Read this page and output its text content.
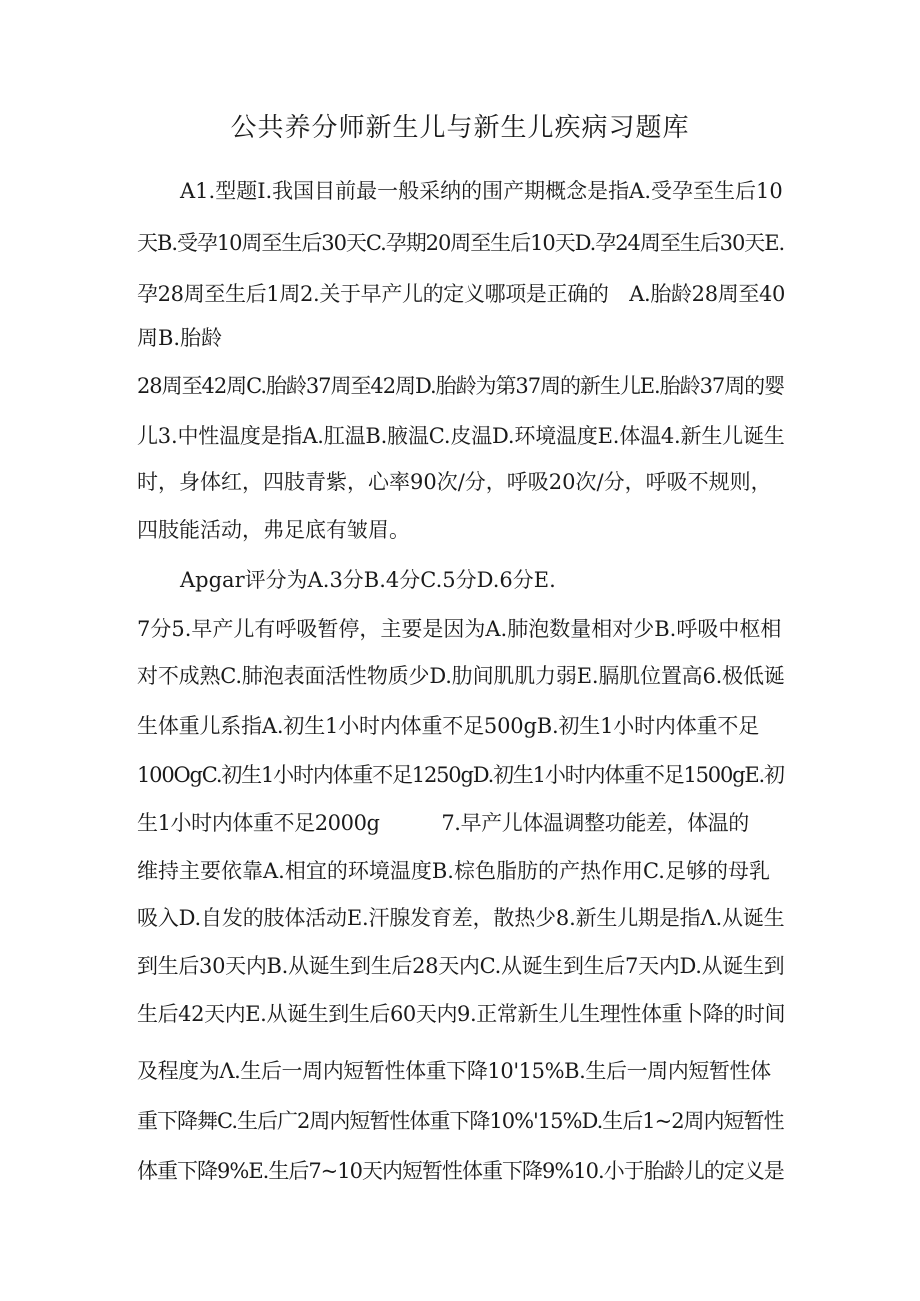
公共养分师新生儿与新生儿疾病习题库
A1.型题I.我国目前最一般采纳的围产期概念是指A.受孕至生后10
天B.受孕10周至生后30天C.孕期20周至生后10天D.孕24周至生后30天E.
孕28周至生后1周2.关于早产儿的定义哪项是正确的　A.胎龄28周至40
周B.胎龄
28周至42周C.胎龄37周至42周D.胎龄为第37周的新生儿E.胎龄37周的婴
儿3.中性温度是指A.肛温B.腋温C.皮温D.环境温度E.体温4.新生儿诞生
时，身体红，四肢青紫，心率90次/分，呼吸20次/分，呼吸不规则，
四肢能活动，弗足底有皱眉。
Apgar评分为A.3分B.4分C.5分D.6分E.
7分5.早产儿有呼吸暂停，主要是因为A.肺泡数量相对少B.呼吸中枢相
对不成熟C.肺泡表面活性物质少D.肋间肌肌力弱E.膈肌位置高6.极低诞
生体重儿系指A.初生1小时内体重不足500gB.初生1小时内体重不足
100OgC.初生1小时内体重不足1250gD.初生1小时内体重不足1500gE.初
生1小时内体重不足2000g　　　7.早产儿体温调整功能差，体温的
维持主要依靠A.相宜的环境温度B.棕色脂肪的产热作用C.足够的母乳
吸入D.自发的肢体活动E.汗腺发育差，散热少8.新生儿期是指Λ.从诞生
到生后30天内B.从诞生到生后28天内C.从诞生到生后7天内D.从诞生到
生后42天内E.从诞生到生后60天内9.正常新生儿生理性体重卜降的时间
及程度为Λ.生后一周内短暂性体重下降10'15%B.生后一周内短暂性体
重下降舞C.生后广2周内短暂性体重下降10%'15%D.生后1~2周内短暂性
体重下降9%E.生后7~10天内短暂性体重下降9%10.小于胎龄儿的定义是
